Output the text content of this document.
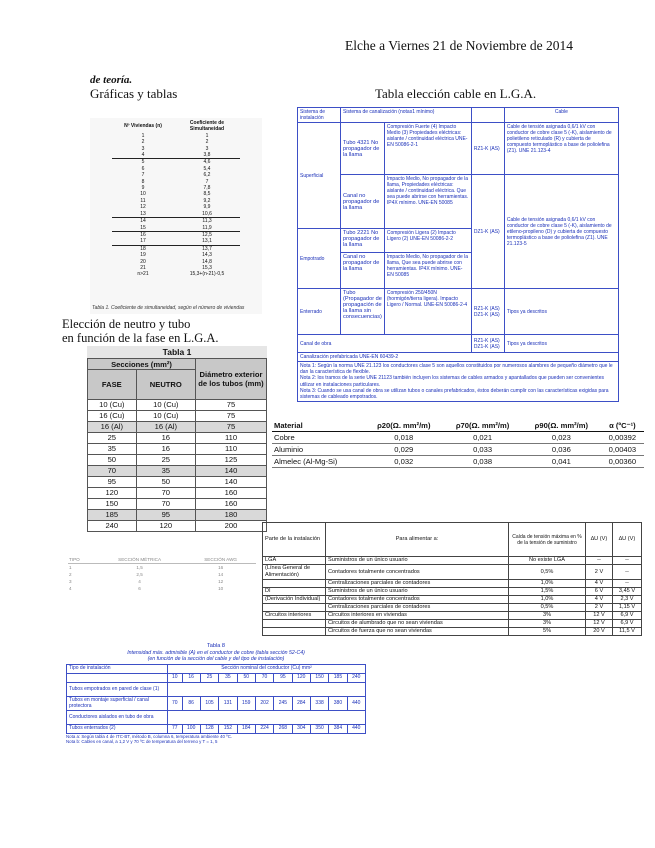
Elche a Viernes 21 de Noviembre de 2014
de teoría.
Gráficas y tablas	Tabla elección cable en L.G.A.
Nº Viviendas (n)	Coeficiente de Simultaneidad
1	1
2	2
3	3
4	3,8
5	4,6
6	5,4
7	6,2
8	7
9	7,8
10	8,5
11	9,2
12	9,9
13	10,6
14	11,3
15	11,9
16	12,5
17	13,1
18	13,7
19	14,3
20	14,8
21	15,3
n>21	15,3+(n-21)·0,5
Tabla 1. Coeficiente de simultaneidad, según el número de viviendas
Elección de neutro y tubo
en función de la fase en L.G.A.
Tabla 1
Secciones (mm²)		Diámetro exterior de los tubos (mm)
FASE	NEUTRO	
10 (Cu)	10 (Cu)	75
16 (Cu)	10 (Cu)	75
16 (Al)	16 (Al)	75
25	16	110
35	16	110
50	25	125
70	35	140
95	50	140
120	70	160
150	70	160
185	95	180
240	120	200
Sistema de instalación	Sistema de canalización (notas1 mínimo)			Cable
Superficial	Tubo 4321 No propagador de la llama	Compresión Fuerte (4) Impacto Medio (3) Propiedades eléctricas: aislante / continuidad eléctrica UNE-EN 50086-2-1	RZ1-K (AS)	Cable de tensión asignada 0,6/1 kV con conductor de cobre clase 5 (-K), aislamiento de polietileno reticulado (R) y cubierta de compuesto termoplástico a base de poliolefina (Z1). UNE 21.123-4
	Canal no propagador de la llama	Impacto Medio, No propagador de la llama, Propiedades eléctricas: aislante / continuidad eléctrica. Que sea puede abrirse con herramientas. IP4X mínimo. UNE-EN 50085	DZ1-K (AS)	Cable de tensión asignada 0,6/1 kV con conductor de cobre clase 5 (-K), aislamiento de etileno-propileno (D) y cubierta de compuesto termoplástico a base de poliolefina (Z1). UNE 21.123-5
Empotrado	Tubo 2221 No propagador de la llama	Compresión Ligera (2) Impacto Ligero (2) UNE-EN 50086-2-2		
	Canal no propagador de la llama	Impacto Medio, No propagador de la llama, Que sea puede abrirse con herramientas. IP4X mínimo. UNE-EN 50085		
Enterrado	Tubo (Propagador de propagación de la llama sin consecuencias)	Compresión 250/450N (hormigón/tierra ligera). Impacto Ligero / Normal. UNE-EN 50086-2-4	RZ1-K (AS) DZ1-K (AS)	Tipos ya descritos
Canal de obra			RZ1-K (AS) DZ1-K (AS)	Tipos ya descritos
Canalización prefabricada UNE-EN 60439-2				

Nota 1: Según la norma UNE 21.123 los conductores clase 5 son aquellos constituidos por numerosos alambres de pequeño diámetro que le dan la característica de flexible.
Nota 2: los tramos de la serie UNE 21123 también incluyen los sistemas de cables armados y apantallados que pueden ser convenientes utilizar en instalaciones particulares.
Nota 3: Cuando se usa canal de obra se utilizan tubos o canales prefabricados, éstos deberán cumplir con las características exigidas para sistemas de cableado empotrados.				
Material	ρ20(Ω. mm²/m)	ρ70(Ω. mm²/m)	ρ90(Ω. mm²/m)	α (ºC⁻¹)
Cobre	0,018	0,021	0,023	0,00392
Aluminio	0,029	0,033	0,036	0,00403
Almelec (Al-Mg-Si)	0,032	0,038	0,041	0,00360
Parte de la instalación	Para alimentar a:	Caída de tensión máxima en % de la tensión de suministro	∆U (V)	∆U (V)
LGA	Suministros de un único usuario	No existe LGA	--	--
(Línea General de Alimentación)	Contadores totalmente concentrados	0,5%	2 V	--
	Centralizaciones parciales de contadores	1,0%	4 V	--
DI	Suministros de un único usuario	1,5%	6 V	3,45 V
(Derivación Individual)	Contadores totalmente concentrados	1,0%	4 V	2,3 V
	Centralizaciones parciales de contadores	0,5%	2 V	1,15 V
Circuitos interiores	Circuitos interiores en viviendas	3%	12 V	6,9 V
	Circuitos de alumbrado que no sean viviendas	3%	12 V	6,9 V
	Circuitos de fuerza que no sean viviendas	5%	20 V	11,5 V
TIPO	SECCIÓN MÉTRICA	SECCIÓN AWG
1	1,5	16
2	2,5	14
3	4	12
4	6	10
Tabla 8
Intensidad máx. admisible (A) en el conductor de cobre (tabla sección 52-C4)
(en función de la sección del cable y del tipo de instalación)
Tipo de instalación	Sección nominal del conductor (Cu) mm²										
	10	16	25	35	50	70	95	120	150	185	240
Tubos empotrados en pared de clase (1)											
Tubos en montaje superficial / canal protectora	70	86	105	131	159	202	245	284	338	380	440
Conductores aislados en tubo de obra											
Tubos enterrados (2)	77	100	128	152	184	224	268	304	350	384	440
Nota a: Según tabla 4 de ITC-BT, método B, columna 6, temperatura ambiente 40 ºC.
Nota b: Cables en canal, a 1,2 V y 70 ºC de temperatura del terreno y T = 1, 5
